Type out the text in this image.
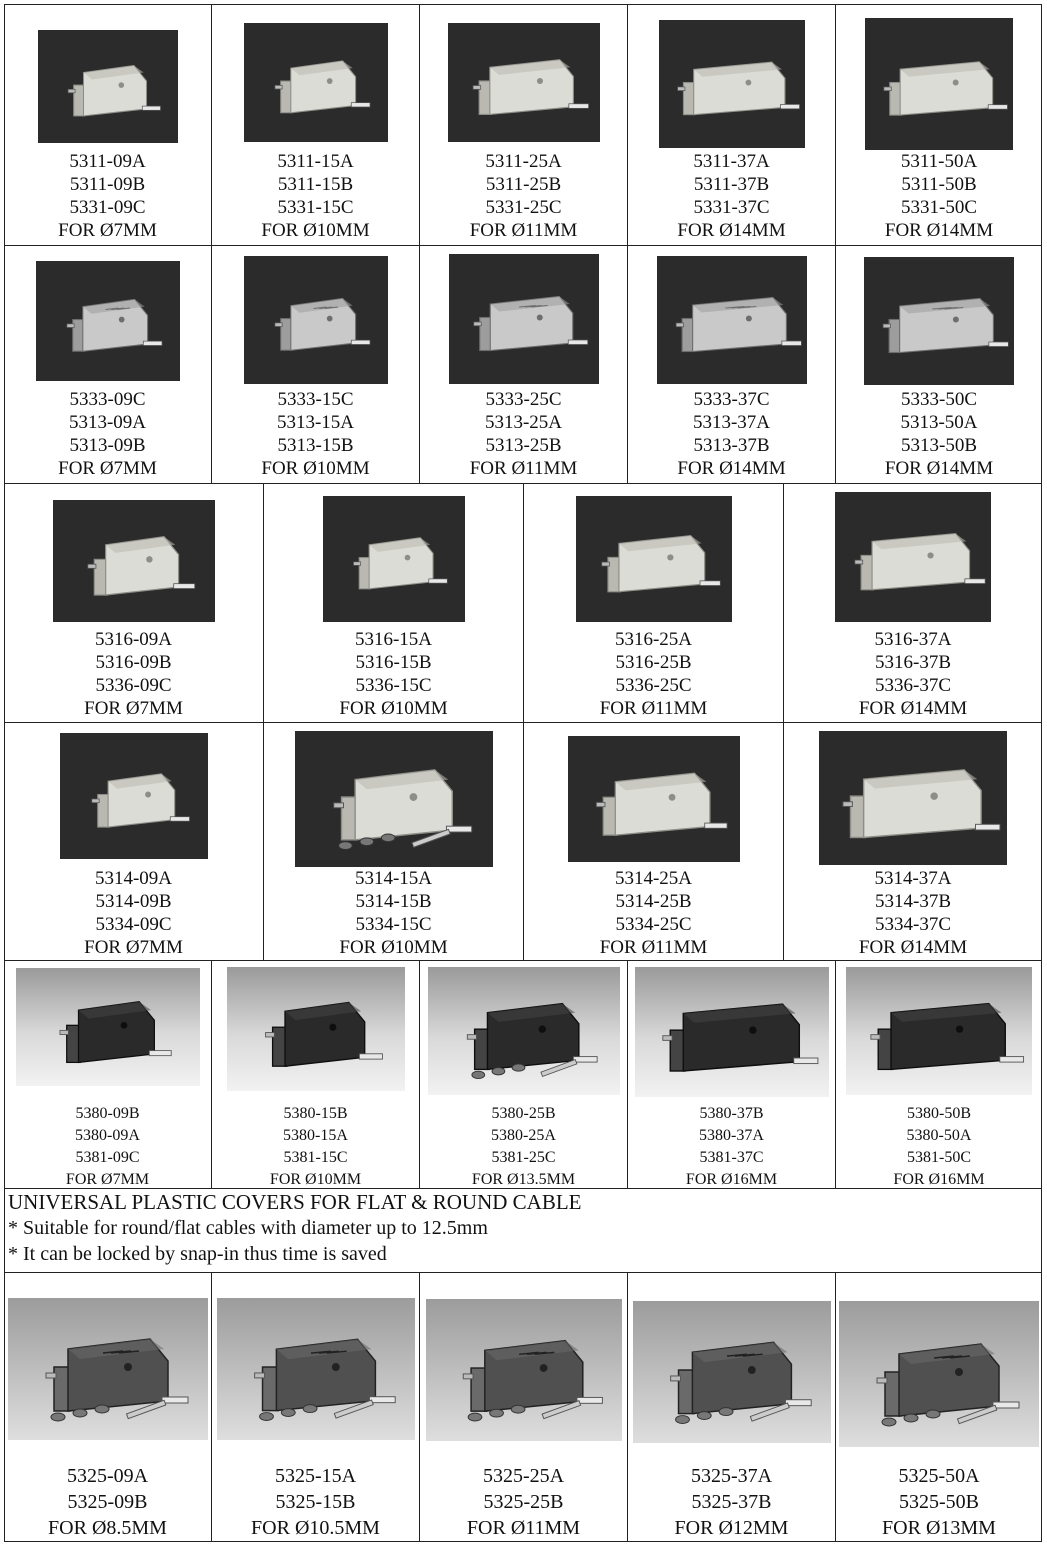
5311-09A
5311-09B
5331-09C
FOR Ø7MM
5311-15A
5311-15B
5331-15C
FOR Ø10MM
5311-25A
5311-25B
5331-25C
FOR Ø11MM
5311-37A
5311-37B
5331-37C
FOR Ø14MM
5311-50A
5311-50B
5331-50C
FOR Ø14MM
5333-09C
5313-09A
5313-09B
FOR Ø7MM
5333-15C
5313-15A
5313-15B
FOR Ø10MM
5333-25C
5313-25A
5313-25B
FOR Ø11MM
5333-37C
5313-37A
5313-37B
FOR Ø14MM
5333-50C
5313-50A
5313-50B
FOR Ø14MM
5316-09A
5316-09B
5336-09C
FOR Ø7MM
5316-15A
5316-15B
5336-15C
FOR Ø10MM
5316-25A
5316-25B
5336-25C
FOR Ø11MM
5316-37A
5316-37B
5336-37C
FOR Ø14MM
5314-09A
5314-09B
5334-09C
FOR Ø7MM
5314-15A
5314-15B
5334-15C
FOR Ø10MM
5314-25A
5314-25B
5334-25C
FOR Ø11MM
5314-37A
5314-37B
5334-37C
FOR Ø14MM
5380-09B
5380-09A
5381-09C
FOR Ø7MM
5380-15B
5380-15A
5381-15C
FOR Ø10MM
5380-25B
5380-25A
5381-25C
FOR Ø13.5MM
5380-37B
5380-37A
5381-37C
FOR Ø16MM
5380-50B
5380-50A
5381-50C
FOR Ø16MM
UNIVERSAL PLASTIC COVERS FOR FLAT & ROUND CABLE
* Suitable for round/flat cables with diameter up to 12.5mm
* It can be locked by snap-in thus time is saved
5325-09A
5325-09B
FOR Ø8.5MM
5325-15A
5325-15B
FOR Ø10.5MM
5325-25A
5325-25B
FOR Ø11MM
5325-37A
5325-37B
FOR Ø12MM
5325-50A
5325-50B
FOR Ø13MM
